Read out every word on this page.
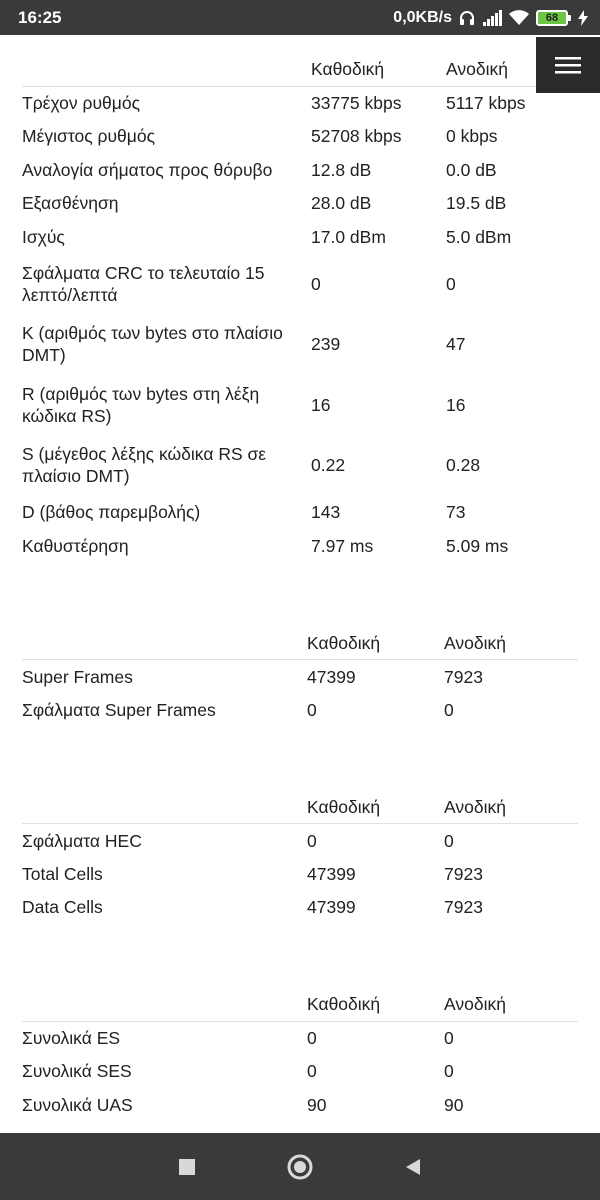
16:25	0,0KB/s	68

	Καθοδική	Ανοδική
Τρέχον ρυθμός	33775 kbps	5117 kbps
Μέγιστος ρυθμός	52708 kbps	0 kbps
Αναλογία σήματος προς θόρυβο	12.8 dB	0.0 dB
Εξασθένηση	28.0 dB	19.5 dB
Ισχύς	17.0 dBm	5.0 dBm
Σφάλματα CRC το τελευταίο 15 λεπτό/λεπτά	0	0
K (αριθμός των bytes στο πλαίσιο DMT)	239	47
R (αριθμός των bytes στη λέξη κώδικα RS)	16	16
S (μέγεθος λέξης κώδικα RS σε πλαίσιο DMT)	0.22	0.28
D (βάθος παρεμβολής)	143	73
Καθυστέρηση	7.97 ms	5.09 ms
	Καθοδική	Ανοδική
Super Frames	47399	7923
Σφάλματα Super Frames	0	0
	Καθοδική	Ανοδική
Σφάλματα HEC	0	0
Total Cells	47399	7923
Data Cells	47399	7923
	Καθοδική	Ανοδική
Συνολικά ES	0	0
Συνολικά SES	0	0
Συνολικά UAS	90	90
